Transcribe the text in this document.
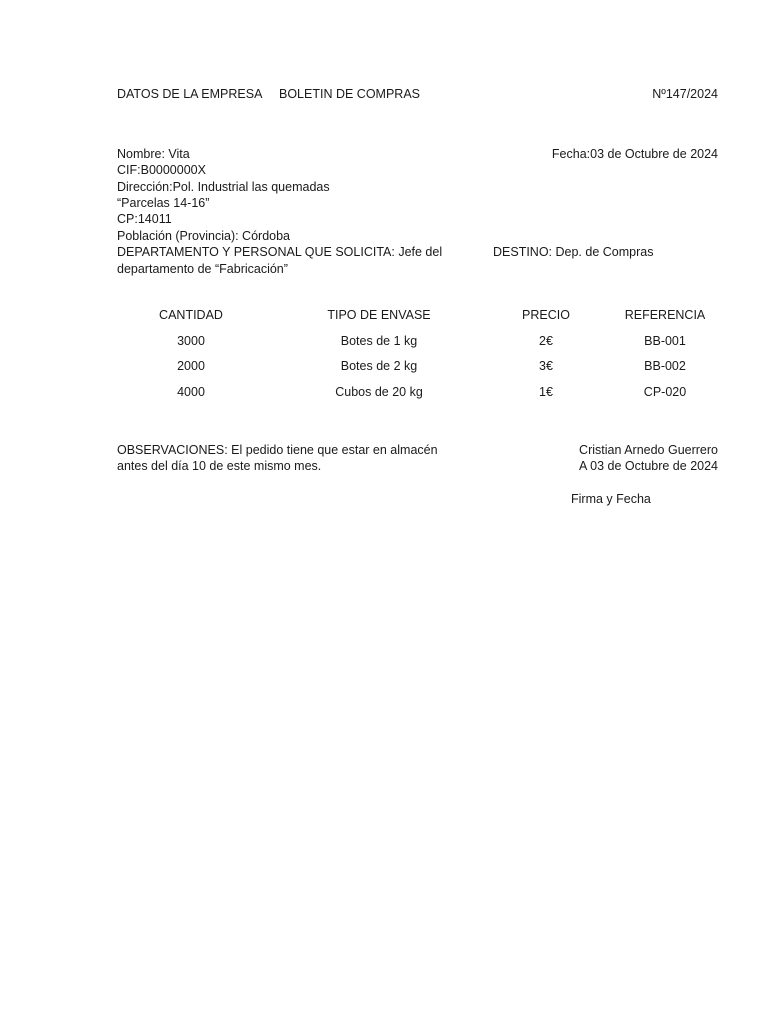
DATOS DE LA EMPRESA BOLETIN DE COMPRAS	Nº147/2024
Nombre: Vita	Fecha:03 de Octubre de 2024
CIF:B0000000X
Dirección:Pol. Industrial las quemadas
“Parcelas 14-16”
CP:14011
Población (Provincia): Córdoba
DEPARTAMENTO Y PERSONAL QUE SOLICITA: Jefe del
departamento de “Fabricación”
DESTINO: Dep. de Compras
CANTIDAD	TIPO DE ENVASE	PRECIO	REFERENCIA
3000	Botes de 1 kg	2€	BB-001
2000	Botes de 2 kg	3€	BB-002
4000	Cubos de 20 kg	1€	CP-020
OBSERVACIONES: El pedido tiene que estar en almacén
antes del día 10 de este mismo mes.
Cristian Arnedo Guerrero
A 03 de Octubre de 2024
Firma y Fecha
